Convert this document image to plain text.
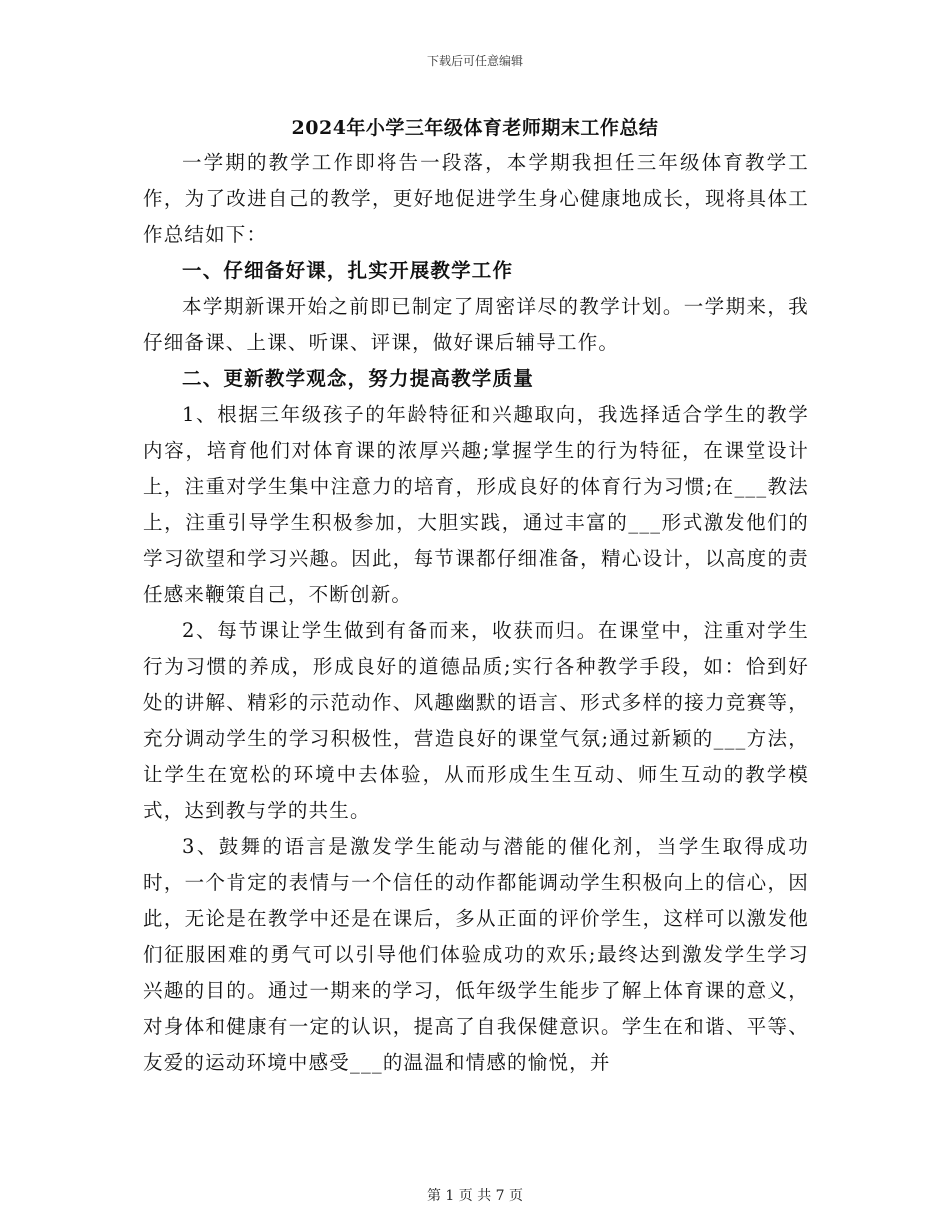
下载后可任意编辑
2024年小学三年级体育老师期末工作总结

一学期的教学工作即将告一段落，本学期我担任三年级体育教学工作，为了改进自己的教学，更好地促进学生身心健康地成长，现将具体工作总结如下：

一、仔细备好课，扎实开展教学工作

本学期新课开始之前即已制定了周密详尽的教学计划。一学期来，我仔细备课、上课、听课、评课，做好课后辅导工作。

二、更新教学观念，努力提高教学质量

1、根据三年级孩子的年龄特征和兴趣取向，我选择适合学生的教学内容，培育他们对体育课的浓厚兴趣;掌握学生的行为特征，在课堂设计上，注重对学生集中注意力的培育，形成良好的体育行为习惯;在___教法上，注重引导学生积极参加，大胆实践，通过丰富的___形式激发他们的学习欲望和学习兴趣。因此，每节课都仔细准备，精心设计，以高度的责任感来鞭策自己，不断创新。

2、每节课让学生做到有备而来，收获而归。在课堂中，注重对学生行为习惯的养成，形成良好的道德品质;实行各种教学手段，如：恰到好处的讲解、精彩的示范动作、风趣幽默的语言、形式多样的接力竞赛等，充分调动学生的学习积极性，营造良好的课堂气氛;通过新颖的___方法，让学生在宽松的环境中去体验，从而形成生生互动、师生互动的教学模式，达到教与学的共生。

3、鼓舞的语言是激发学生能动与潜能的催化剂，当学生取得成功时，一个肯定的表情与一个信任的动作都能调动学生积极向上的信心，因此，无论是在教学中还是在课后，多从正面的评价学生，这样可以激发他们征服困难的勇气可以引导他们体验成功的欢乐;最终达到激发学生学习兴趣的目的。通过一期来的学习，低年级学生能步了解上体育课的意义，对身体和健康有一定的认识，提高了自我保健意识。学生在和谐、平等、友爱的运动环境中感受___的温温和情感的愉悦，并

第 1 页 共 7 页
